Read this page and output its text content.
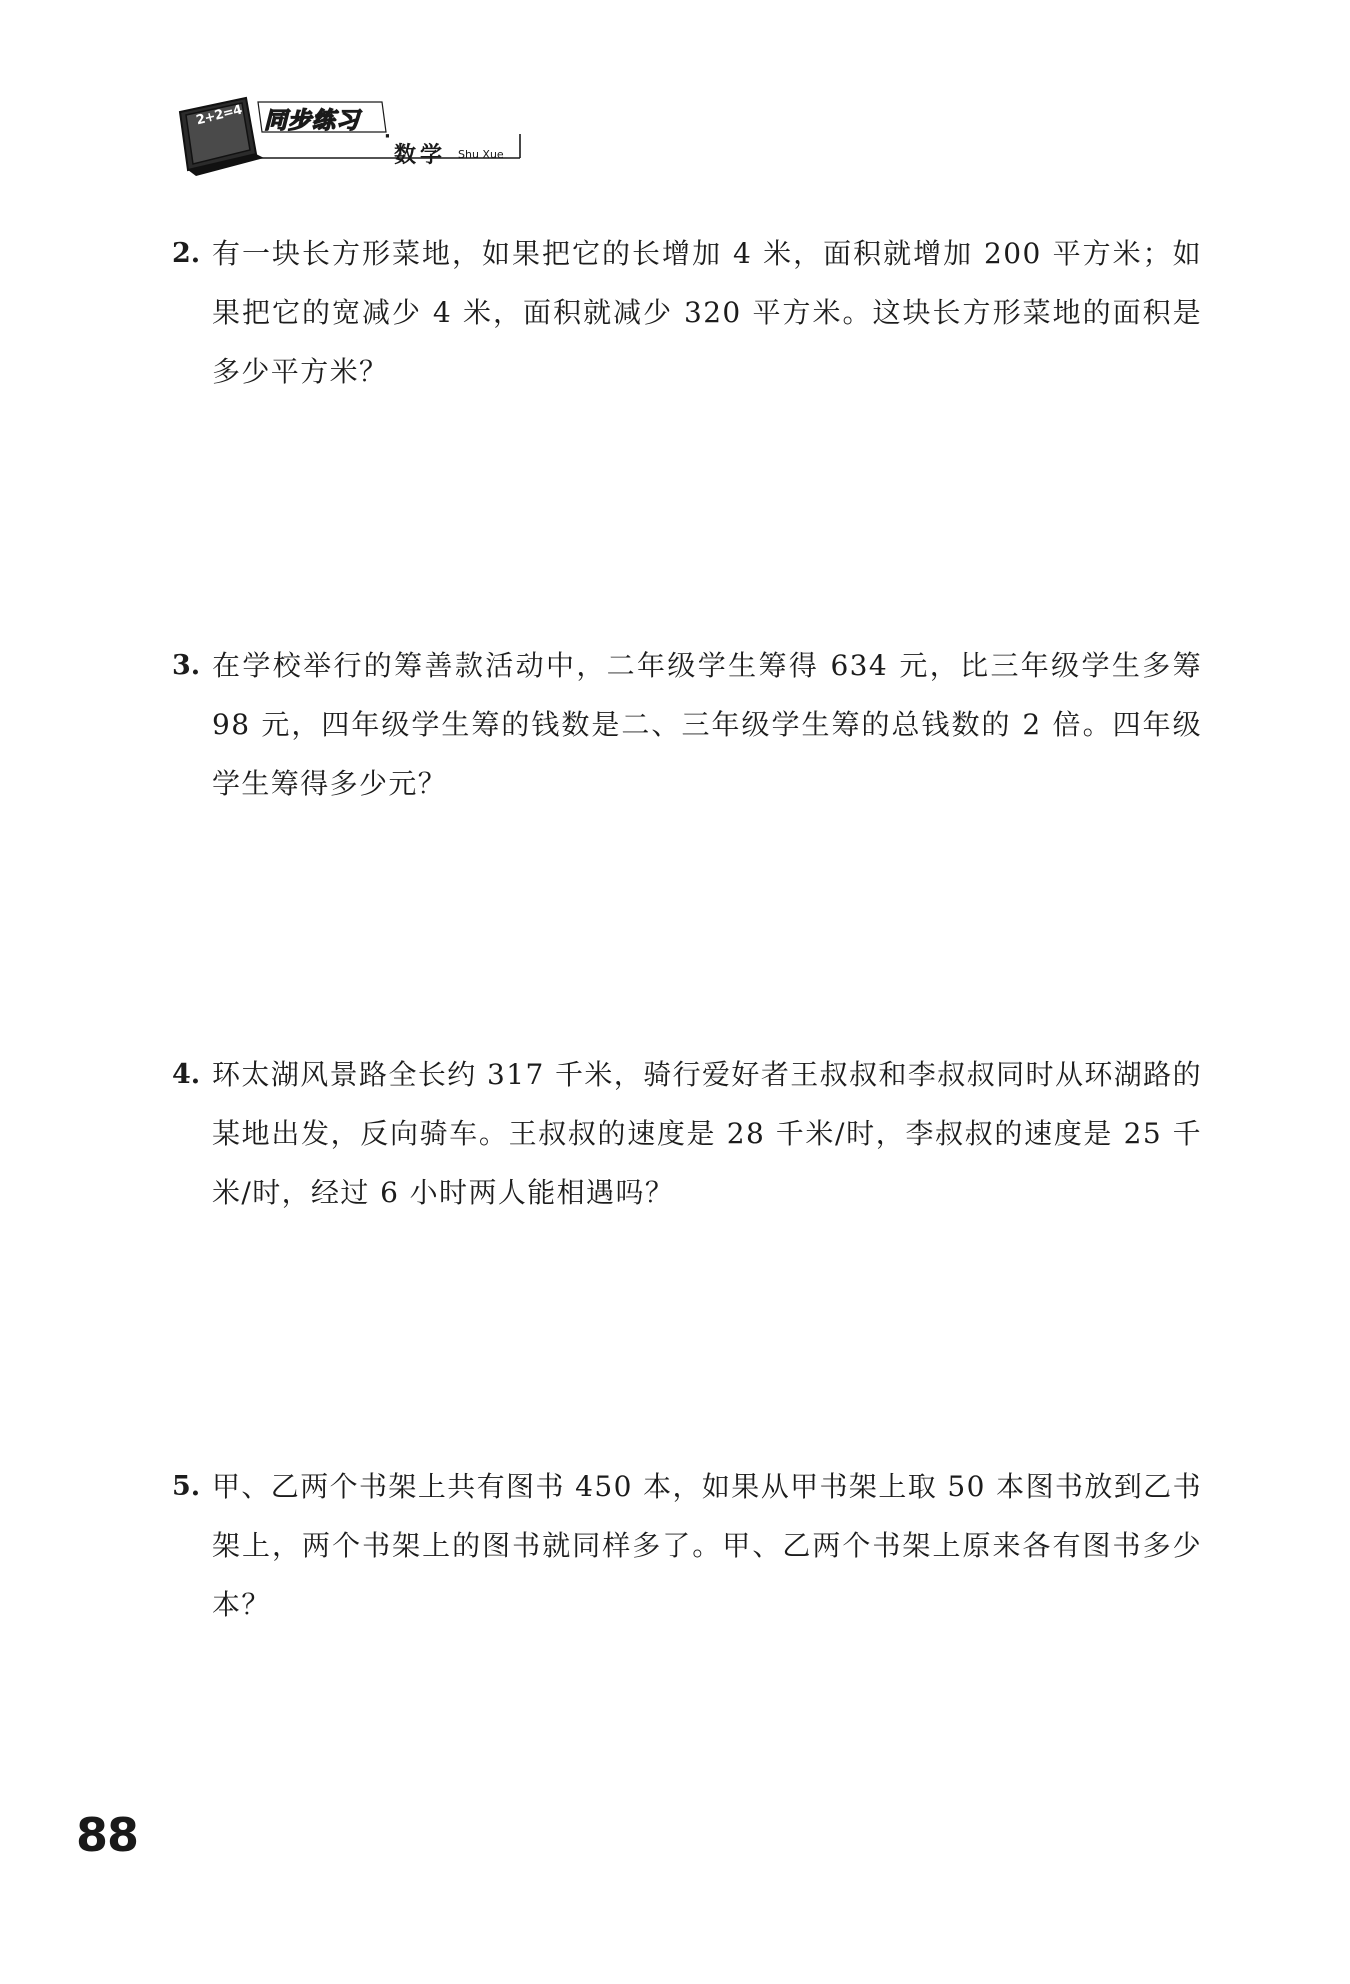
2+2=4 同步练习
·
数学 Shu Xue
2. 有一块长方形菜地，如果把它的长增加 4 米，面积就增加 200 平方米；如果把它的宽减少 4 米，面积就减少 320 平方米。这块长方形菜地的面积是多少平方米？
3. 在学校举行的筹善款活动中，二年级学生筹得 634 元，比三年级学生多筹 98 元，四年级学生筹的钱数是二、三年级学生筹的总钱数的 2 倍。四年级学生筹得多少元？
4. 环太湖风景路全长约 317 千米，骑行爱好者王叔叔和李叔叔同时从环湖路的某地出发，反向骑车。王叔叔的速度是 28 千米/时，李叔叔的速度是 25 千米/时，经过 6 小时两人能相遇吗？
5. 甲、乙两个书架上共有图书 450 本，如果从甲书架上取 50 本图书放到乙书架上，两个书架上的图书就同样多了。甲、乙两个书架上原来各有图书多少本？
88
